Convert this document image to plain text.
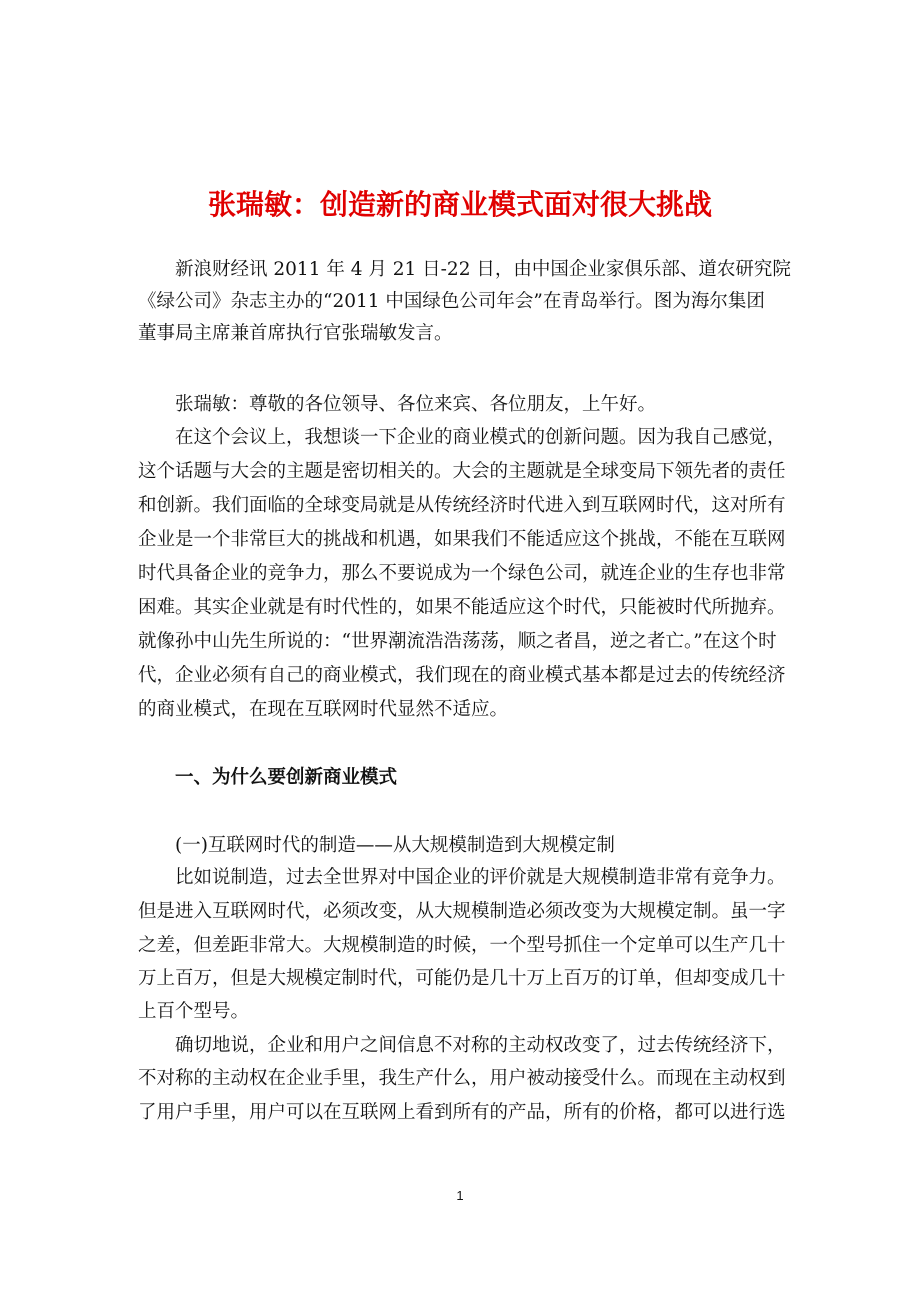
张瑞敏：创造新的商业模式面对很大挑战
新浪财经讯 2011 年 4 月 21 日-22 日，由中国企业家俱乐部、道农研究院
《绿公司》杂志主办的“2011 中国绿色公司年会”在青岛举行。图为海尔集团
董事局主席兼首席执行官张瑞敏发言。
张瑞敏：尊敬的各位领导、各位来宾、各位朋友，上午好。
在这个会议上，我想谈一下企业的商业模式的创新问题。因为我自己感觉，
这个话题与大会的主题是密切相关的。大会的主题就是全球变局下领先者的责任
和创新。我们面临的全球变局就是从传统经济时代进入到互联网时代，这对所有
企业是一个非常巨大的挑战和机遇，如果我们不能适应这个挑战，不能在互联网
时代具备企业的竞争力，那么不要说成为一个绿色公司，就连企业的生存也非常
困难。其实企业就是有时代性的，如果不能适应这个时代，只能被时代所抛弃。
就像孙中山先生所说的：“世界潮流浩浩荡荡，顺之者昌，逆之者亡。”在这个时
代，企业必须有自己的商业模式，我们现在的商业模式基本都是过去的传统经济
的商业模式，在现在互联网时代显然不适应。
一、为什么要创新商业模式
(一)互联网时代的制造——从大规模制造到大规模定制
比如说制造，过去全世界对中国企业的评价就是大规模制造非常有竞争力。
但是进入互联网时代，必须改变，从大规模制造必须改变为大规模定制。虽一字
之差，但差距非常大。大规模制造的时候，一个型号抓住一个定单可以生产几十
万上百万，但是大规模定制时代，可能仍是几十万上百万的订单，但却变成几十
上百个型号。
确切地说，企业和用户之间信息不对称的主动权改变了，过去传统经济下，
不对称的主动权在企业手里，我生产什么，用户被动接受什么。而现在主动权到
了用户手里，用户可以在互联网上看到所有的产品，所有的价格，都可以进行选
1
